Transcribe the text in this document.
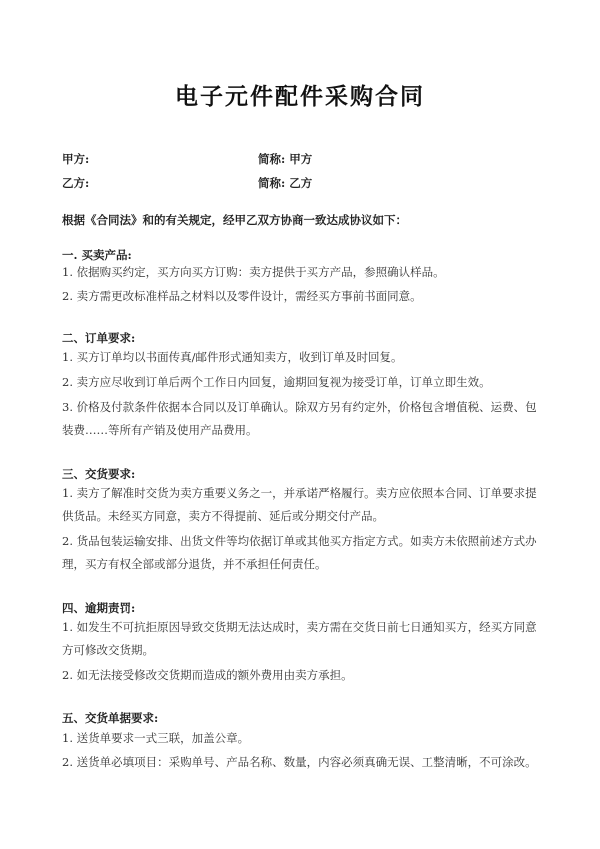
电子元件配件采购合同
甲方:	简称: 甲方
乙方:	简称: 乙方
根据《合同法》和的有关规定，经甲乙双方协商一致达成协议如下：
一. 买卖产品:
1. 依据购买约定，买方向买方订购：卖方提供于买方产品，参照确认样品。
2. 卖方需更改标准样品之材料以及零件设计，需经买方事前书面同意。
二、订单要求:
1. 买方订单均以书面传真/邮件形式通知卖方，收到订单及时回复。
2. 卖方应尽收到订单后两个工作日内回复，逾期回复视为接受订单，订单立即生效。
3. 价格及付款条件依据本合同以及订单确认。除双方另有约定外，价格包含增值税、运费、包装费……等所有产销及使用产品费用。
三、交货要求:
1. 卖方了解准时交货为卖方重要义务之一，并承诺严格履行。卖方应依照本合同、订单要求提供货品。未经买方同意，卖方不得提前、延后或分期交付产品。
2. 货品包装运输安排、出货文件等均依据订单或其他买方指定方式。如卖方未依照前述方式办理，买方有权全部或部分退货，并不承担任何责任。
四、逾期责罚:
1. 如发生不可抗拒原因导致交货期无法达成时，卖方需在交货日前七日通知买方，经买方同意方可修改交货期。
2. 如无法接受修改交货期而造成的额外费用由卖方承担。
五、交货单据要求:
1. 送货单要求一式三联，加盖公章。
2. 送货单必填项目：采购单号、产品名称、数量，内容必须真确无误、工整清晰，不可涂改。
